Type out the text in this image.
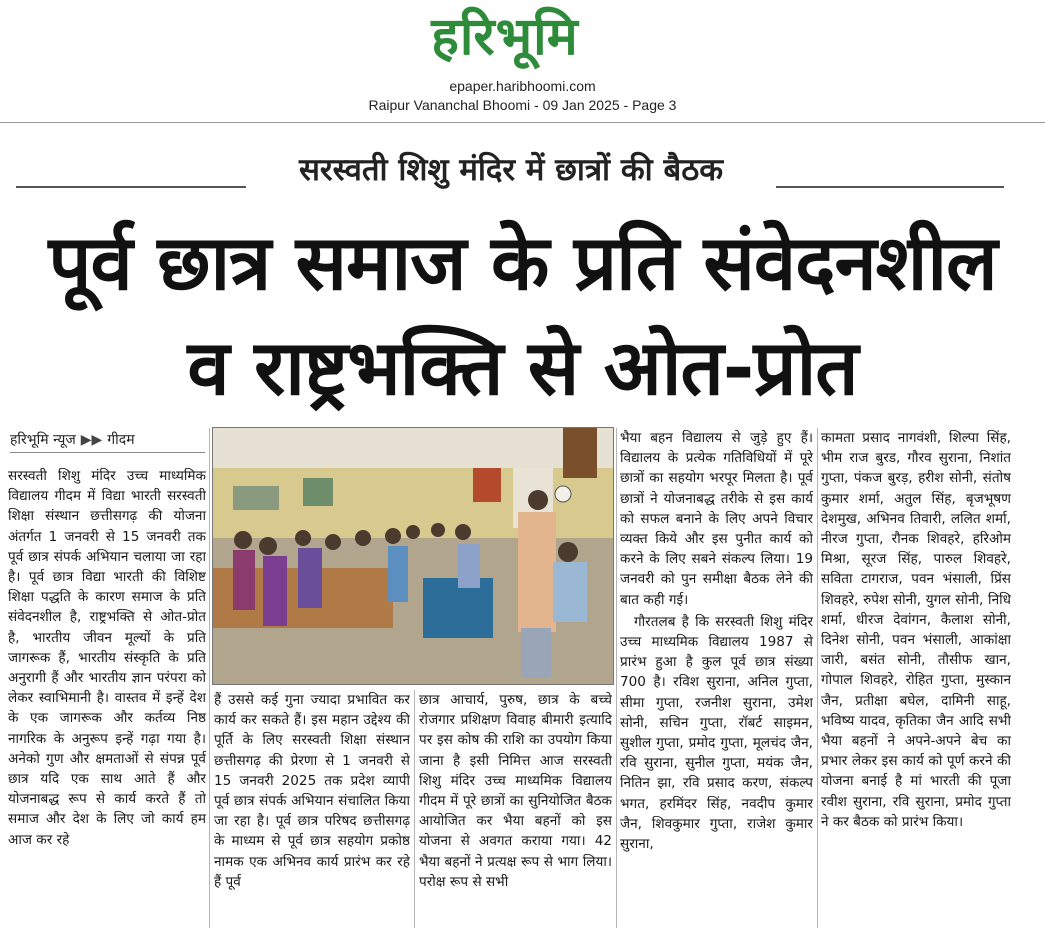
हरिभूमि
epaper.haribhoomi.com
Raipur Vananchal Bhoomi - 09 Jan 2025 - Page 3
सरस्वती शिशु मंदिर में छात्रों की बैठक
पूर्व छात्र समाज के प्रति संवेदनशील
व राष्ट्रभक्ति से ओत-प्रोत
हरिभूमि न्यूज ▶▶ गीदम

सरस्वती शिशु मंदिर उच्च माध्यमिक विद्यालय गीदम में विद्या भारती सरस्वती शिक्षा संस्थान छत्तीसगढ़ की योजना अंतर्गत 1 जनवरी से 15 जनवरी तक पूर्व छात्र संपर्क अभियान चलाया जा रहा है। पूर्व छात्र विद्या भारती की विशिष्ट शिक्षा पद्धति के कारण समाज के प्रति संवेदनशील है, राष्ट्रभक्ति से ओत-प्रोत है, भारतीय जीवन मूल्यों के प्रति जागरूक हैं, भारतीय संस्कृति के प्रति अनुरागी हैं और भारतीय ज्ञान परंपरा को लेकर स्वाभिमानी है। वास्तव में इन्हें देश के एक जागरूक और कर्तव्य निष्ठ नागरिक के अनुरूप इन्हें गढ़ा गया है। अनेको गुण और क्षमताओं से संपन्न पूर्व छात्र यदि एक साथ आते हैं और योजनाबद्ध रूप से कार्य करते हैं तो समाज और देश के लिए जो कार्य हम आज कर रहे

हैं उससे कई गुना ज्यादा प्रभावित कर कार्य कर सकते हैं। इस महान उद्देश्य की पूर्ति के लिए सरस्वती शिक्षा संस्थान छत्तीसगढ़ की प्रेरणा से 1 जनवरी से 15 जनवरी 2025 तक प्रदेश व्यापी पूर्व छात्र संपर्क अभियान संचालित किया जा रहा है। पूर्व छात्र परिषद छत्तीसगढ़ के माध्यम से पूर्व छात्र सहयोग प्रकोष्ठ नामक एक अभिनव कार्य प्रारंभ कर रहे हैं पूर्व

छात्र आचार्य, पुरुष, छात्र के बच्चे रोजगार प्रशिक्षण विवाह बीमारी इत्यादि पर इस कोष की राशि का उपयोग किया जाना है इसी निमित्त आज सरस्वती शिशु मंदिर उच्च माध्यमिक विद्यालय गीदम में पूरे छात्रों का सुनियोजित बैठक आयोजित कर भैया बहनों को इस योजना से अवगत कराया गया। 42 भैया बहनों ने प्रत्यक्ष रूप से भाग लिया। परोक्ष रूप से सभी

भैया बहन विद्यालय से जुड़े हुए हैं। विद्यालय के प्रत्येक गतिविधियों में पूरे छात्रों का सहयोग भरपूर मिलता है। पूर्व छात्रों ने योजनाबद्ध तरीके से इस कार्य को सफल बनाने के लिए अपने विचार व्यक्त किये और इस पुनीत कार्य को करने के लिए सबने संकल्प लिया। 19 जनवरी को पुन समीक्षा बैठक लेने की बात कही गई।

गौरतलब है कि सरस्वती शिशु मंदिर उच्च माध्यमिक विद्यालय 1987 से प्रारंभ हुआ है कुल पूर्व छात्र संख्या 700 है। रविश सुराना, अनिल गुप्ता, सीमा गुप्ता, रजनीश सुराना, उमेश सोनी, सचिन गुप्ता, रॉबर्ट साइमन, सुशील गुप्ता, प्रमोद गुप्ता, मूलचंद जैन, रवि सुराना, सुनील गुप्ता, मयंक जैन, नितिन झा, रवि प्रसाद करण, संकल्प भगत, हरमिंदर सिंह, नवदीप कुमार जैन, शिवकुमार गुप्ता, राजेश कुमार सुराना,

कामता प्रसाद नागवंशी, शिल्पा सिंह, भीम राज बुरड, गौरव सुराना, निशांत गुप्ता, पंकज बुरड़, हरीश सोनी, संतोष कुमार शर्मा, अतुल सिंह, बृजभूषण देशमुख, अभिनव तिवारी, ललित शर्मा, नीरज गुप्ता, रौनक शिवहरे, हरिओम मिश्रा, सूरज सिंह, पारुल शिवहरे, सविता टागराज, पवन भंसाली, प्रिंस शिवहरे, रुपेश सोनी, युगल सोनी, निधि शर्मा, धीरज देवांगन, कैलाश सोनी, दिनेश सोनी, पवन भंसाली, आकांक्षा जारी, बसंत सोनी, तौसीफ खान, गोपाल शिवहरे, रोहित गुप्ता, मुस्कान जैन, प्रतीक्षा बघेल, दामिनी साहू, भविष्य यादव, कृतिका जैन आदि सभी भैया बहनों ने अपने-अपने बेच का प्रभार लेकर इस कार्य को पूर्ण करने की योजना बनाई है मां भारती की पूजा रवीश सुराना, रवि सुराना, प्रमोद गुप्ता ने कर बैठक को प्रारंभ किया।
